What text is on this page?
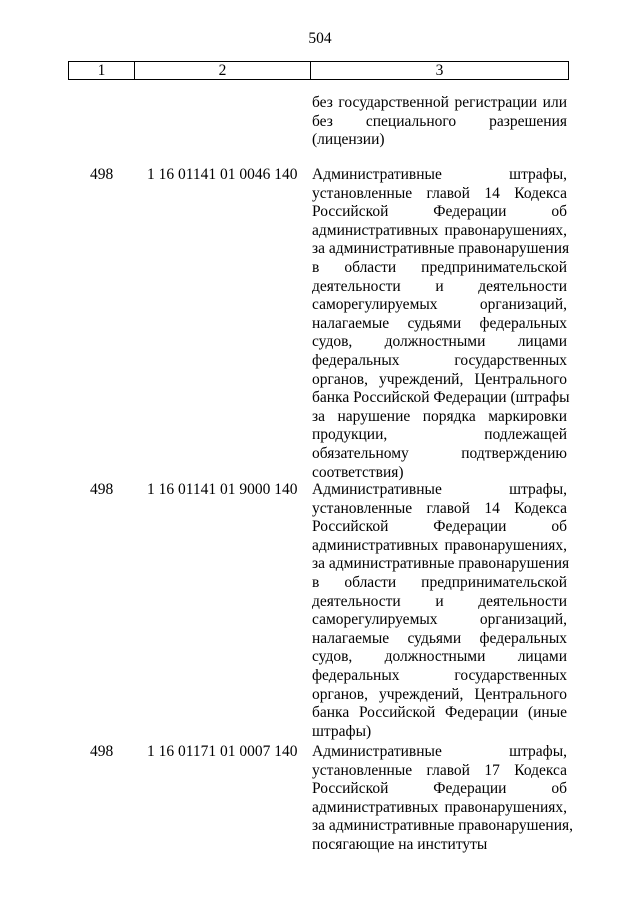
504
1	2	3
без государственной регистрации или
без специального разрешения
(лицензии)
498 1 16 01141 01 0046 140 Административные штрафы,
установленные главой 14 Кодекса
Российской Федерации об
административных правонарушениях,
за административные правонарушения
в области предпринимательской
деятельности и деятельности
саморегулируемых организаций,
налагаемые судьями федеральных
судов, должностными лицами
федеральных государственных
органов, учреждений, Центрального
банка Российской Федерации (штрафы
за нарушение порядка маркировки
продукции, подлежащей
обязательному подтверждению
соответствия)
498 1 16 01141 01 9000 140 Административные штрафы,
установленные главой 14 Кодекса
Российской Федерации об
административных правонарушениях,
за административные правонарушения
в области предпринимательской
деятельности и деятельности
саморегулируемых организаций,
налагаемые судьями федеральных
судов, должностными лицами
федеральных государственных
органов, учреждений, Центрального
банка Российской Федерации (иные
штрафы)
498 1 16 01171 01 0007 140 Административные штрафы,
установленные главой 17 Кодекса
Российской Федерации об
административных правонарушениях,
за административные правонарушения,
посягающие на институты
